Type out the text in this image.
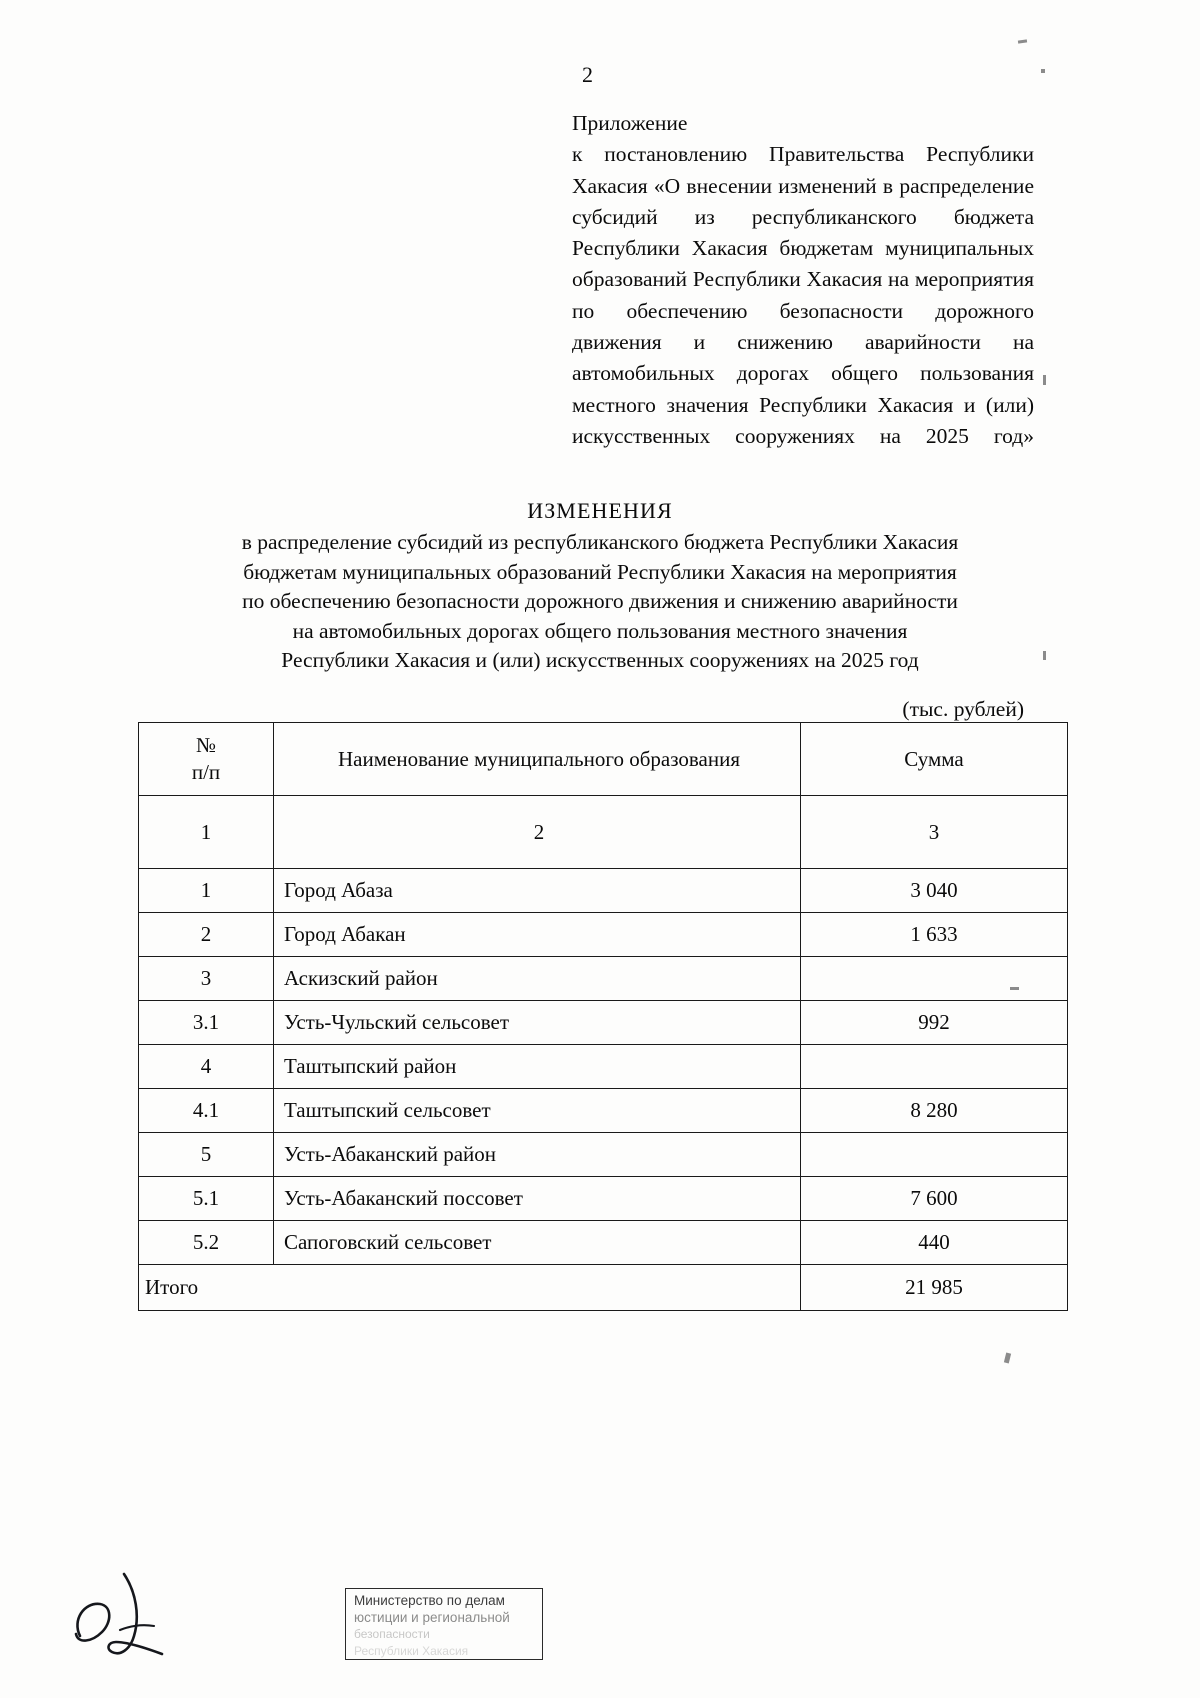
2
Приложение
к постановлению Правительства Республики Хакасия «О внесении изменений в распределение субсидий из республиканского бюджета Республики Хакасия бюджетам муниципальных образований Республики Хакасия на мероприятия по обеспечению безопасности дорожного движения и снижению аварийности на автомобильных дорогах общего пользования местного значения Республики Хакасия и (или) искусственных сооружениях на 2025 год»
ИЗМЕНЕНИЯ
в распределение субсидий из республиканского бюджета Республики Хакасия
бюджетам муниципальных образований Республики Хакасия на мероприятия
по обеспечению безопасности дорожного движения и снижению аварийности
на автомобильных дорогах общего пользования местного значения
Республики Хакасия и (или) искусственных сооружениях на 2025 год
(тыс. рублей)
№
п/п	Наименование муниципального образования	Сумма
1	2	3
1	Город Абаза	3 040
2	Город Абакан	1 633
3	Аскизский район	
3.1	Усть-Чульский сельсовет	992
4	Таштыпский район	
4.1	Таштыпский сельсовет	8 280
5	Усть-Абаканский район	
5.1	Усть-Абаканский поссовет	7 600
5.2	Сапоговский сельсовет	440
Итого		21 985
Министерство по делам
юстиции и региональной
безопасности
Республики Хакасия
